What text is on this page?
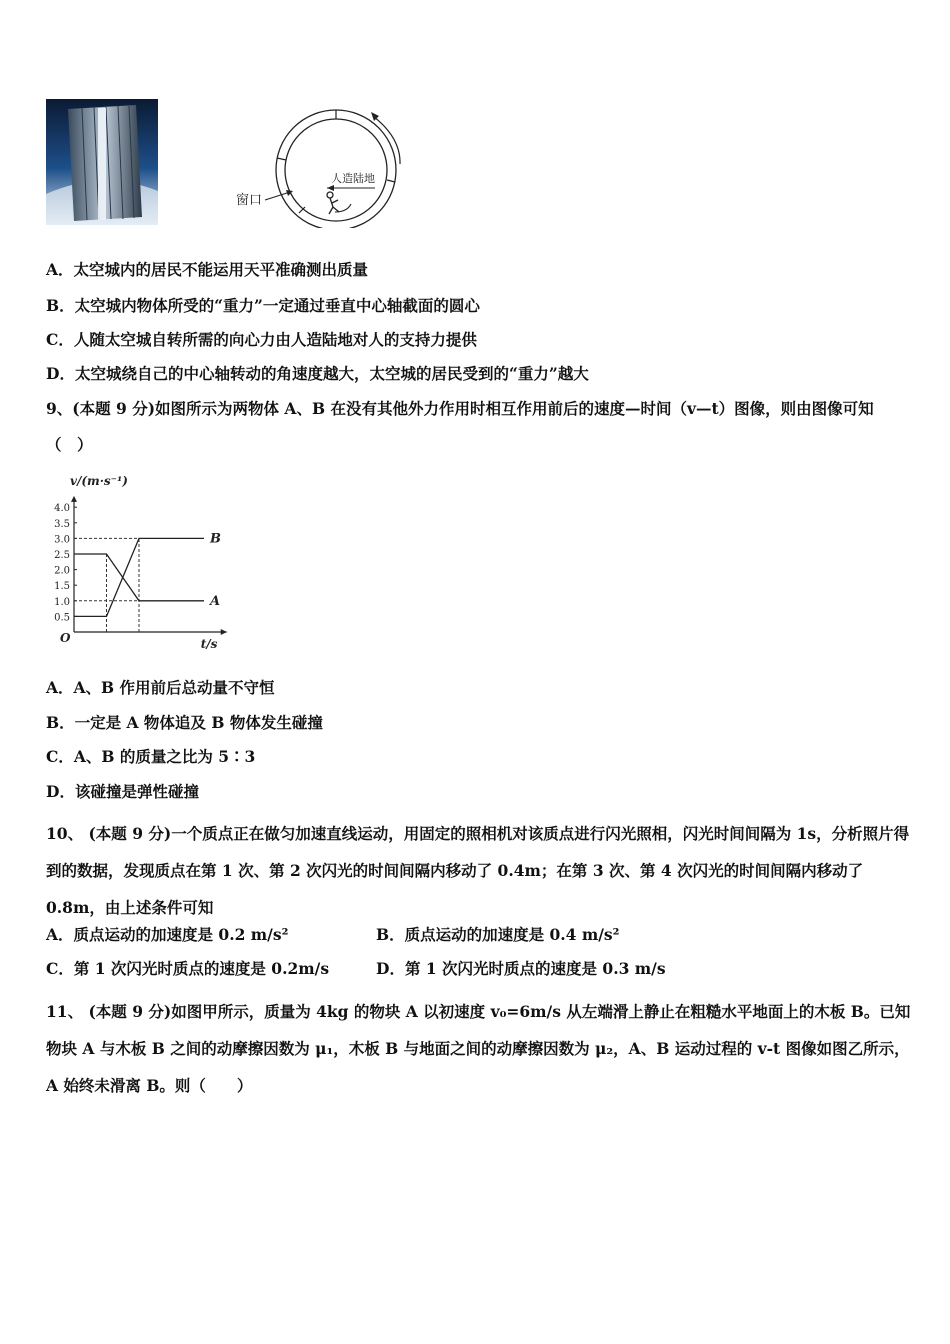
人造陆地
窗口
A．太空城内的居民不能运用天平准确测出质量
B．太空城内物体所受的“重力”一定通过垂直中心轴截面的圆心
C．人随太空城自转所需的向心力由人造陆地对人的支持力提供
D．太空城绕自己的中心轴转动的角速度越大，太空城的居民受到的“重力”越大
9、(本题 9 分)如图所示为两物体 A、B 在没有其他外力作用时相互作用前后的速度—时间（v—t）图像，则由图像可知
（　）
v/(m·s⁻¹)
t/s
O
0.5
1.0
1.5
2.0
2.5
3.0
3.5
4.0
A
B
A．A、B 作用前后总动量不守恒
B．一定是 A 物体追及 B 物体发生碰撞
C．A、B 的质量之比为 5∶3
D．该碰撞是弹性碰撞
10、 (本题 9 分)一个质点正在做匀加速直线运动，用固定的照相机对该质点进行闪光照相，闪光时间间隔为 1s，分析照片得到的数据，发现质点在第 1 次、第 2 次闪光的时间间隔内移动了 0.4m；在第 3 次、第 4 次闪光的时间间隔内移动了 0.8m，由上述条件可知
A．质点运动的加速度是 0.2 m/s²	B．质点运动的加速度是 0.4 m/s²
C．第 1 次闪光时质点的速度是 0.2m/s	D．第 1 次闪光时质点的速度是 0.3 m/s
11、 (本题 9 分)如图甲所示，质量为 4kg 的物块 A 以初速度 v₀=6m/s 从左端滑上静止在粗糙水平地面上的木板 B。已知物块 A 与木板 B 之间的动摩擦因数为 μ₁，木板 B 与地面之间的动摩擦因数为 μ₂，A、B 运动过程的 v-t 图像如图乙所示，A 始终未滑离 B。则（　　）
